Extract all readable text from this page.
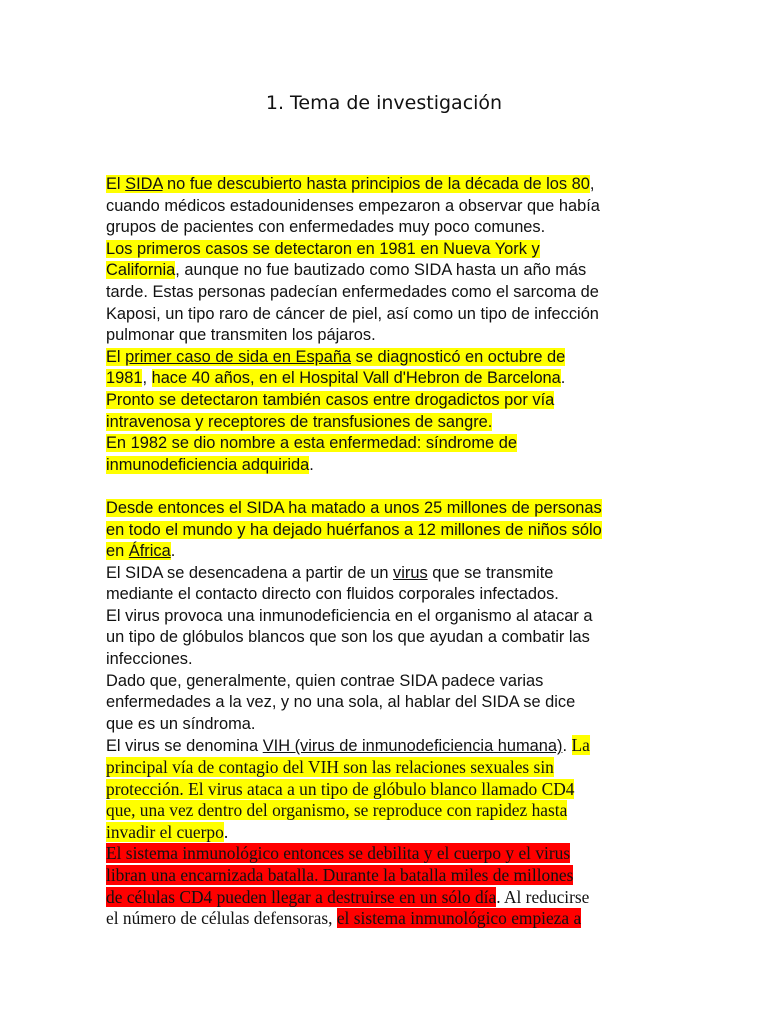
1. Tema de investigación
El SIDA no fue descubierto hasta principios de la década de los 80,
cuando médicos estadounidenses empezaron a observar que había
grupos de pacientes con enfermedades muy poco comunes.
Los primeros casos se detectaron en 1981 en Nueva York y
California, aunque no fue bautizado como SIDA hasta un año más
tarde. Estas personas padecían enfermedades como el sarcoma de
Kaposi, un tipo raro de cáncer de piel, así como un tipo de infección
pulmonar que transmiten los pájaros.
El primer caso de sida en España se diagnosticó en octubre de
1981, hace 40 años, en el Hospital Vall d'Hebron de Barcelona.
Pronto se detectaron también casos entre drogadictos por vía
intravenosa y receptores de transfusiones de sangre.
En 1982 se dio nombre a esta enfermedad: síndrome de
inmunodeficiencia adquirida.
Desde entonces el SIDA ha matado a unos 25 millones de personas
en todo el mundo y ha dejado huérfanos a 12 millones de niños sólo
en África.
El SIDA se desencadena a partir de un virus que se transmite
mediante el contacto directo con fluidos corporales infectados.
El virus provoca una inmunodeficiencia en el organismo al atacar a
un tipo de glóbulos blancos que son los que ayudan a combatir las
infecciones.
Dado que, generalmente, quien contrae SIDA padece varias
enfermedades a la vez, y no una sola, al hablar del SIDA se dice
que es un síndroma.
El virus se denomina VIH (virus de inmunodeficiencia humana). La
principal vía de contagio del VIH son las relaciones sexuales sin
protección. El virus ataca a un tipo de glóbulo blanco llamado CD4
que, una vez dentro del organismo, se reproduce con rapidez hasta
invadir el cuerpo.
El sistema inmunológico entonces se debilita y el cuerpo y el virus
libran una encarnizada batalla. Durante la batalla miles de millones
de células CD4 pueden llegar a destruirse en un sólo día. Al reducirse
el número de células defensoras, el sistema inmunológico empieza a
